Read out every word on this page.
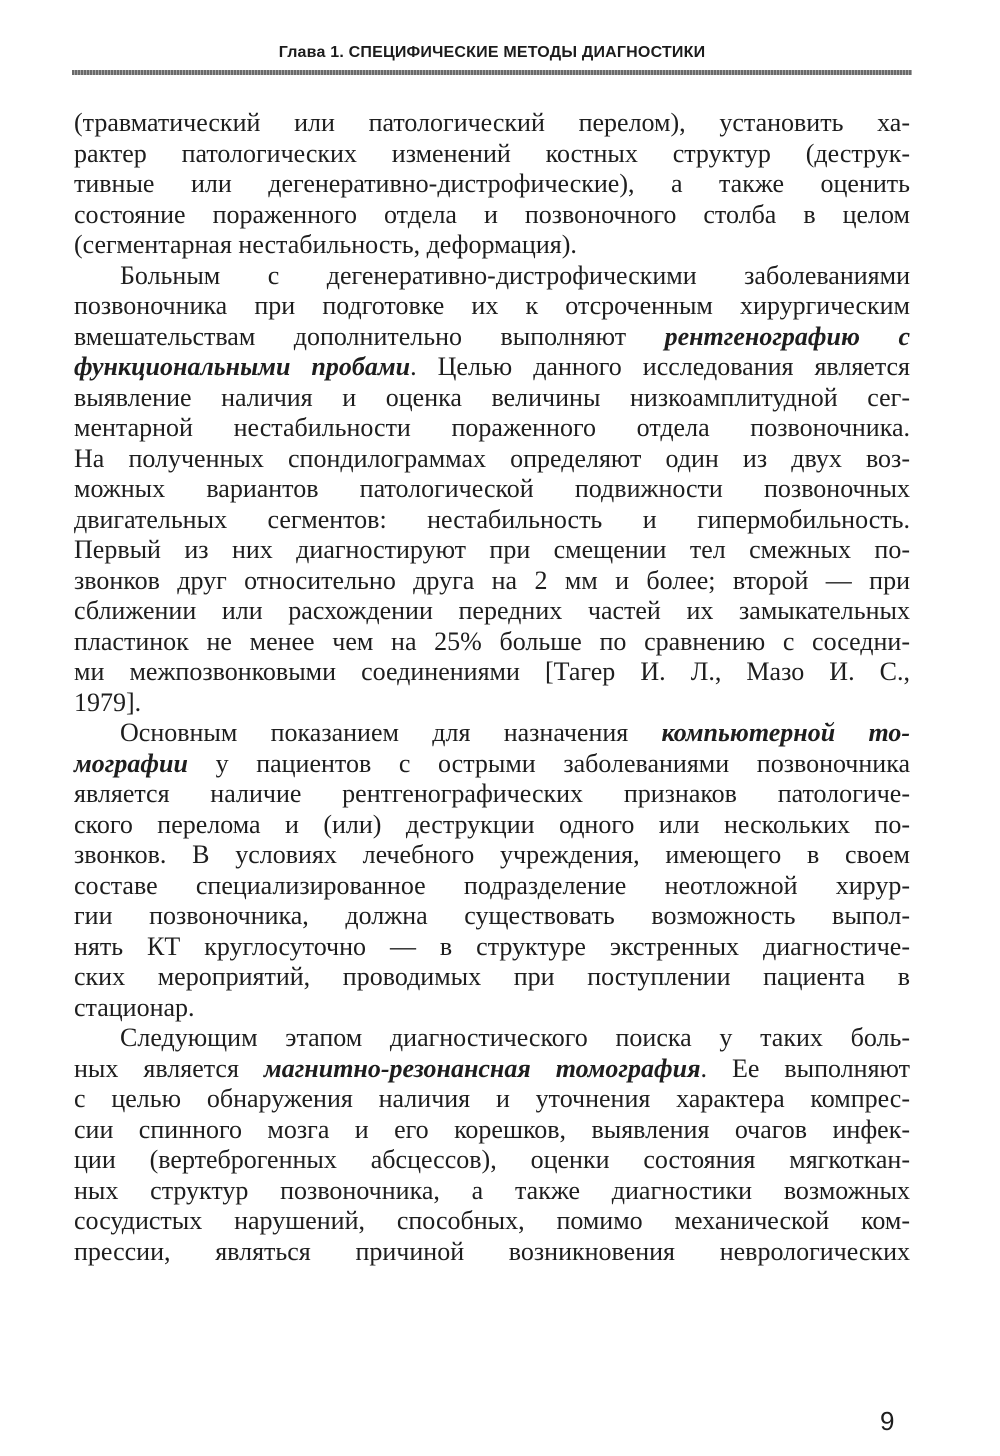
Глава 1. СПЕЦИФИЧЕСКИЕ МЕТОДЫ ДИАГНОСТИКИ

(травматический или патологический перелом), установить ха-
рактер патологических изменений костных структур (деструк-
тивные или дегенеративно-дистрофические), а также оценить
состояние пораженного отдела и позвоночного столба в целом
(сегментарная нестабильность, деформация).

Больным с дегенеративно-дистрофическими заболеваниями
позвоночника при подготовке их к отсроченным хирургическим
вмешательствам дополнительно выполняют рентгенографию с
функциональными пробами. Целью данного исследования является
выявление наличия и оценка величины низкоамплитудной сег-
ментарной нестабильности пораженного отдела позвоночника.
На полученных спондилограммах определяют один из двух воз-
можных вариантов патологической подвижности позвоночных
двигательных сегментов: нестабильность и гипермобильность.
Первый из них диагностируют при смещении тел смежных по-
звонков друг относительно друга на 2 мм и более; второй — при
сближении или расхождении передних частей их замыкательных
пластинок не менее чем на 25% больше по сравнению с соседни-
ми межпозвонковыми соединениями [Тагер И. Л., Мазо И. С.,
1979].

Основным показанием для назначения компьютерной то-
мографии у пациентов с острыми заболеваниями позвоночника
является наличие рентгенографических признаков патологиче-
ского перелома и (или) деструкции одного или нескольких по-
звонков. В условиях лечебного учреждения, имеющего в своем
составе специализированное подразделение неотложной хирур-
гии позвоночника, должна существовать возможность выпол-
нять КТ круглосуточно — в структуре экстренных диагностиче-
ских мероприятий, проводимых при поступлении пациента в
стационар.

Следующим этапом диагностического поиска у таких боль-
ных является магнитно-резонансная томография. Ее выполняют
с целью обнаружения наличия и уточнения характера компрес-
сии спинного мозга и его корешков, выявления очагов инфек-
ции (вертеброгенных абсцессов), оценки состояния мягкоткан-
ных структур позвоночника, а также диагностики возможных
сосудистых нарушений, способных, помимо механической ком-
прессии, являться причиной возникновения неврологических

9
